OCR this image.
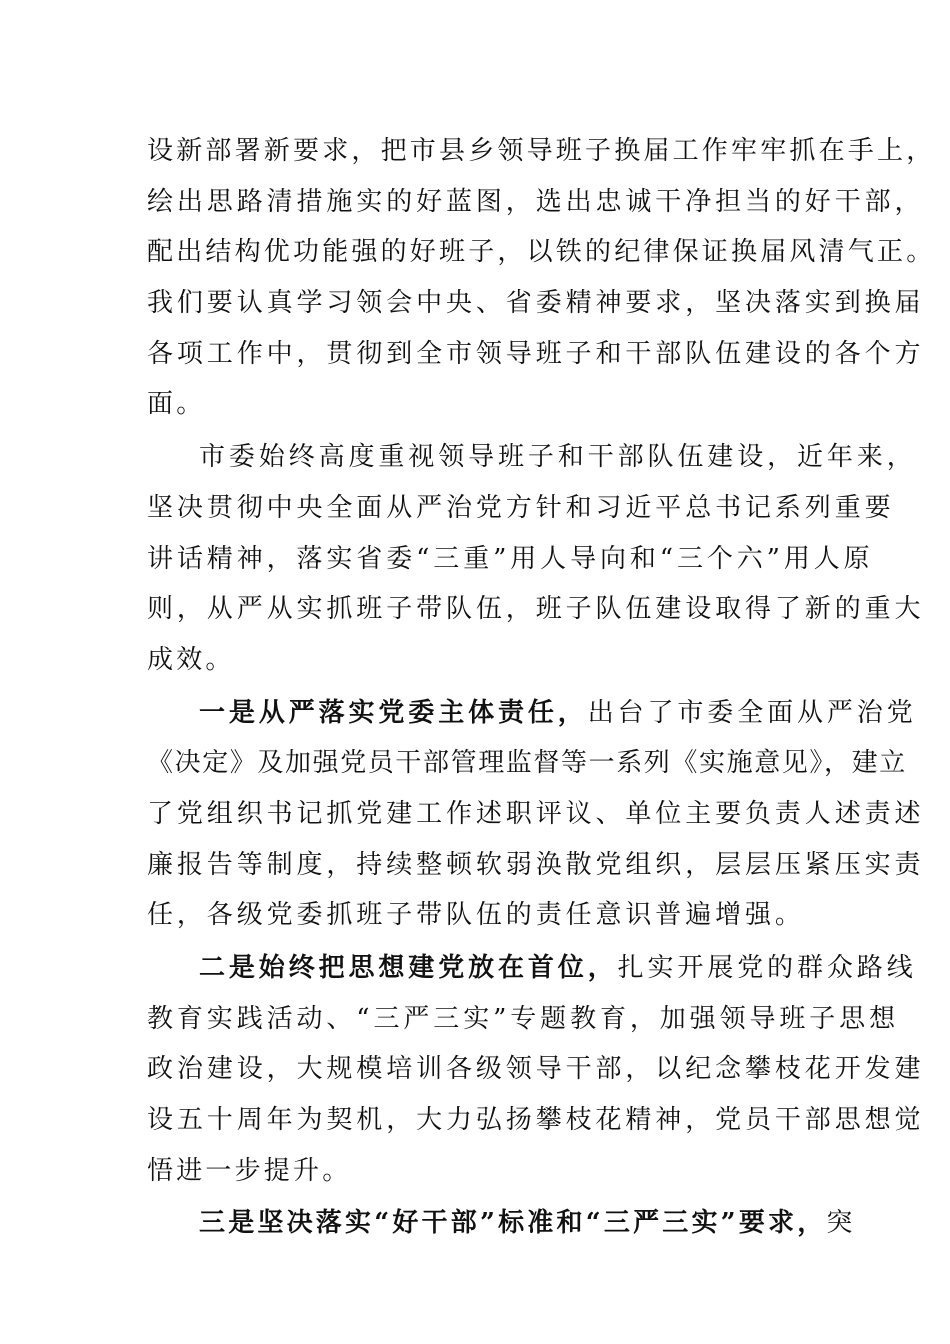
设新部署新要求，把市县乡领导班子换届工作牢牢抓在手上，
绘出思路清措施实的好蓝图，选出忠诚干净担当的好干部，
配出结构优功能强的好班子，以铁的纪律保证换届风清气正。
我们要认真学习领会中央、省委精神要求，坚决落实到换届
各项工作中，贯彻到全市领导班子和干部队伍建设的各个方
面。
市委始终高度重视领导班子和干部队伍建设，近年来，
坚决贯彻中央全面从严治党方针和习近平总书记系列重要
讲话精神，落实省委“三重”用人导向和“三个六”用人原
则，从严从实抓班子带队伍，班子队伍建设取得了新的重大
成效。
一是从严落实党委主体责任，出台了市委全面从严治党
《决定》及加强党员干部管理监督等一系列《实施意见》，建立
了党组织书记抓党建工作述职评议、单位主要负责人述责述
廉报告等制度，持续整顿软弱涣散党组织，层层压紧压实责
任，各级党委抓班子带队伍的责任意识普遍增强。
二是始终把思想建党放在首位，扎实开展党的群众路线
教育实践活动、“三严三实”专题教育，加强领导班子思想
政治建设，大规模培训各级领导干部，以纪念攀枝花开发建
设五十周年为契机，大力弘扬攀枝花精神，党员干部思想觉
悟进一步提升。
三是坚决落实“好干部”标准和“三严三实”要求，突
